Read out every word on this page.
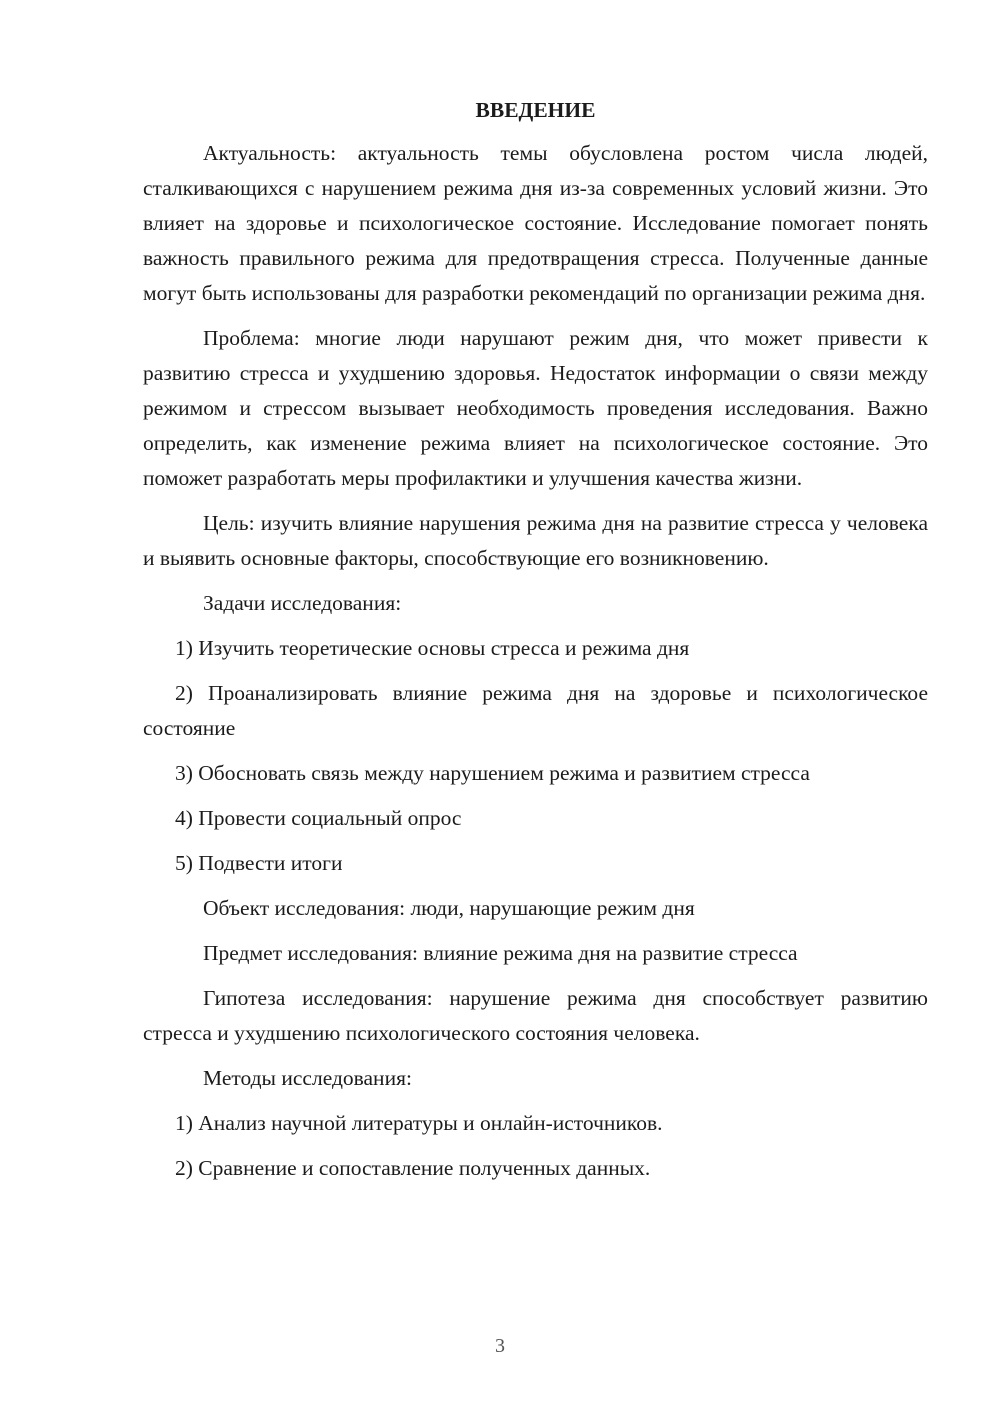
ВВЕДЕНИЕ

Актуальность: актуальность темы обусловлена ростом числа людей, сталкивающихся с нарушением режима дня из-за современных условий жизни. Это влияет на здоровье и психологическое состояние. Исследование помогает понять важность правильного режима для предотвращения стресса. Полученные данные могут быть использованы для разработки рекомендаций по организации режима дня.

Проблема: многие люди нарушают режим дня, что может привести к развитию стресса и ухудшению здоровья. Недостаток информации о связи между режимом и стрессом вызывает необходимость проведения исследования. Важно определить, как изменение режима влияет на психологическое состояние. Это поможет разработать меры профилактики и улучшения качества жизни.

Цель: изучить влияние нарушения режима дня на развитие стресса у человека и выявить основные факторы, способствующие его возникновению.

Задачи исследования:
1) Изучить теоретические основы стресса и режима дня
2) Проанализировать влияние режима дня на здоровье и психологическое состояние
3) Обосновать связь между нарушением режима и развитием стресса
4) Провести социальный опрос
5) Подвести итоги
Объект исследования: люди, нарушающие режим дня
Предмет исследования: влияние режима дня на развитие стресса

Гипотеза исследования: нарушение режима дня способствует развитию стресса и ухудшению психологического состояния человека.

Методы исследования:
1) Анализ научной литературы и онлайн-источников.
2) Сравнение и сопоставление полученных данных.
3
